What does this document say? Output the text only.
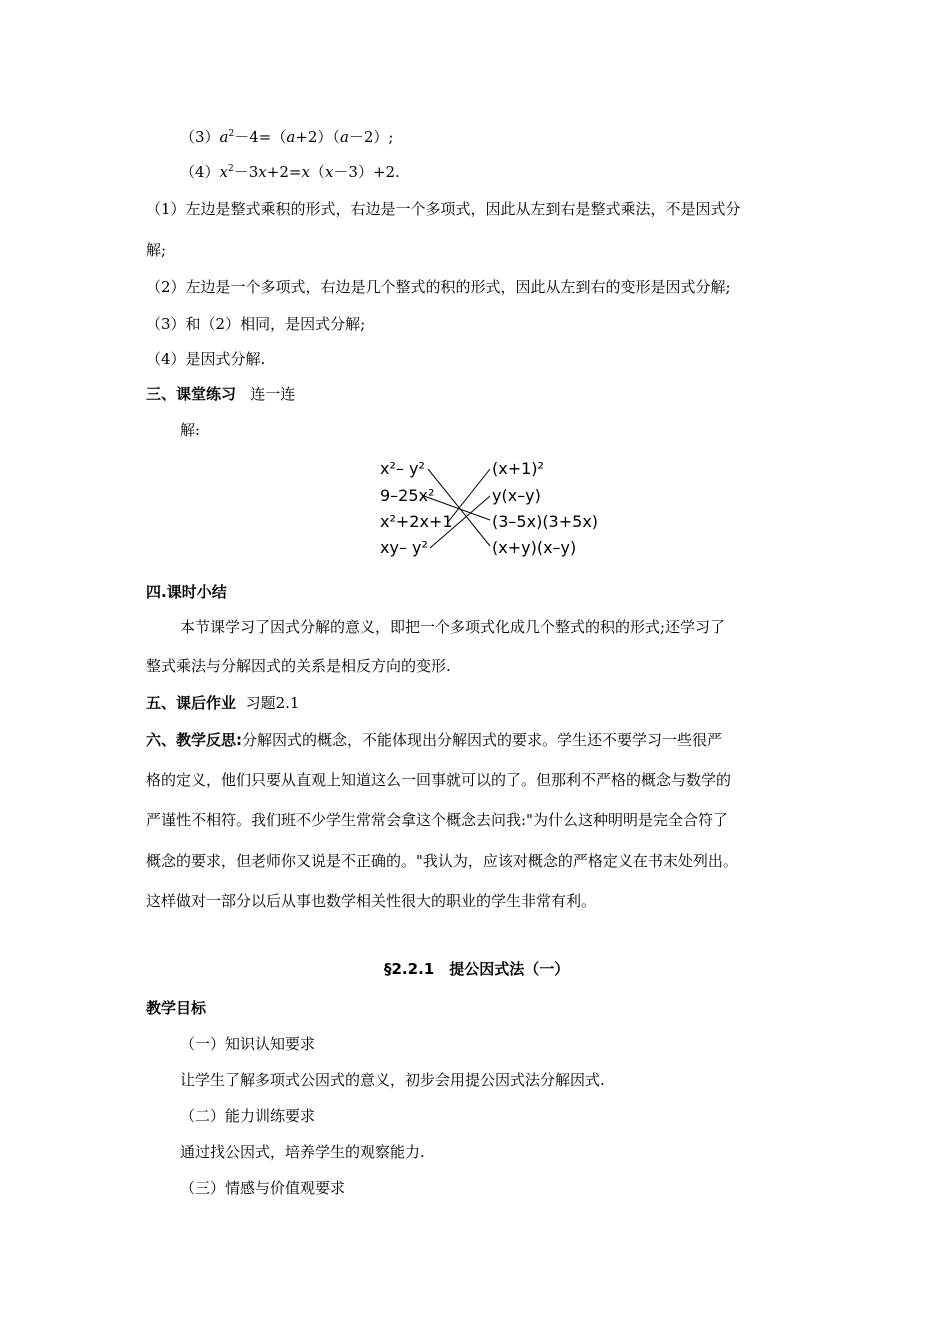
$(3)a^2-4=(a+2)(a-2)$;
$(4)x^2-3x+2=x(x-3)+2$.
（1）左边是整式乘积的形式，右边是一个多项式，因此从左到右是整式乘法，不是因式分
解;
（2）左边是一个多项式，右边是几个整式的积的形式，因此从左到右的变形是因式分解;
（3）和（2）相同，是因式分解;
（4）是因式分解.
三、课堂练习 连一连
解:
x²– y²
9–25x²
x²+2x+1
xy– y²
(x+1)²
y(x–y)
(3–5x)(3+5x)
(x+y)(x–y)
四.课时小结
本节课学习了因式分解的意义，即把一个多项式化成几个整式的积的形式;还学习了
整式乘法与分解因式的关系是相反方向的变形.
五、课后作业 习题2.1
六、教学反思:分解因式的概念，不能体现出分解因式的要求。学生还不要学习一些很严
格的定义，他们只要从直观上知道这么一回事就可以的了。但那利不严格的概念与数学的
严谨性不相符。我们班不少学生常常会拿这个概念去问我:"为什么这种明明是完全合符了
概念的要求，但老师你又说是不正确的。"我认为，应该对概念的严格定义在书末处列出。
这样做对一部分以后从事也数学相关性很大的职业的学生非常有利。
§2.2.1　提公因式法（一）
教学目标
（一）知识认知要求
让学生了解多项式公因式的意义，初步会用提公因式法分解因式.
（二）能力训练要求
通过找公因式，培养学生的观察能力.
（三）情感与价值观要求
